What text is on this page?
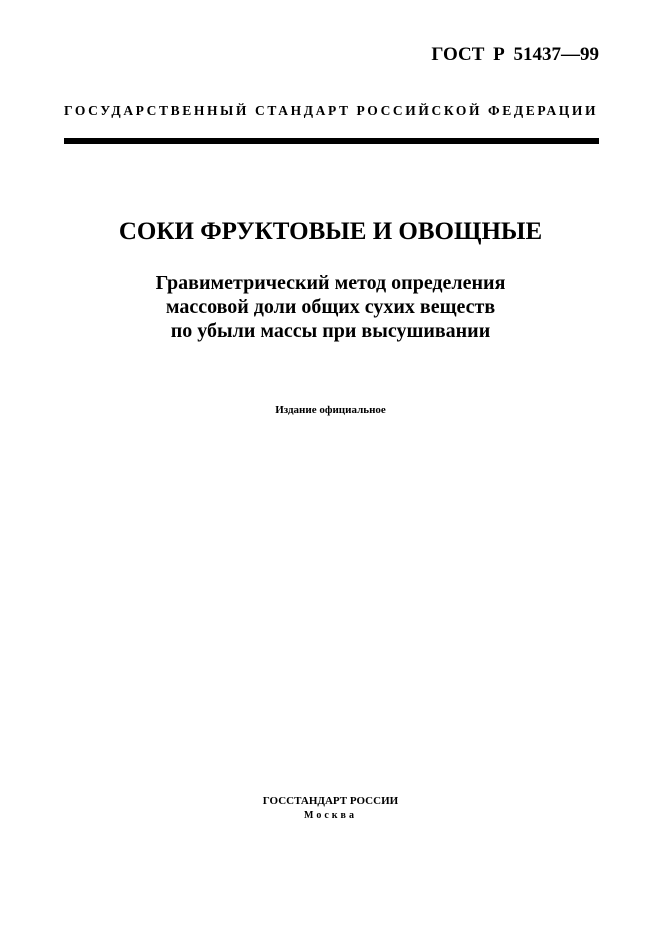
ГОСТ Р 51437—99
ГОСУДАРСТВЕННЫЙ СТАНДАРТ РОССИЙСКОЙ ФЕДЕРАЦИИ
СОКИ ФРУКТОВЫЕ И ОВОЩНЫЕ
Гравиметрический метод определения
массовой доли общих сухих веществ
по убыли массы при высушивании
Издание официальное
ГОССТАНДАРТ РОССИИ
Москва
